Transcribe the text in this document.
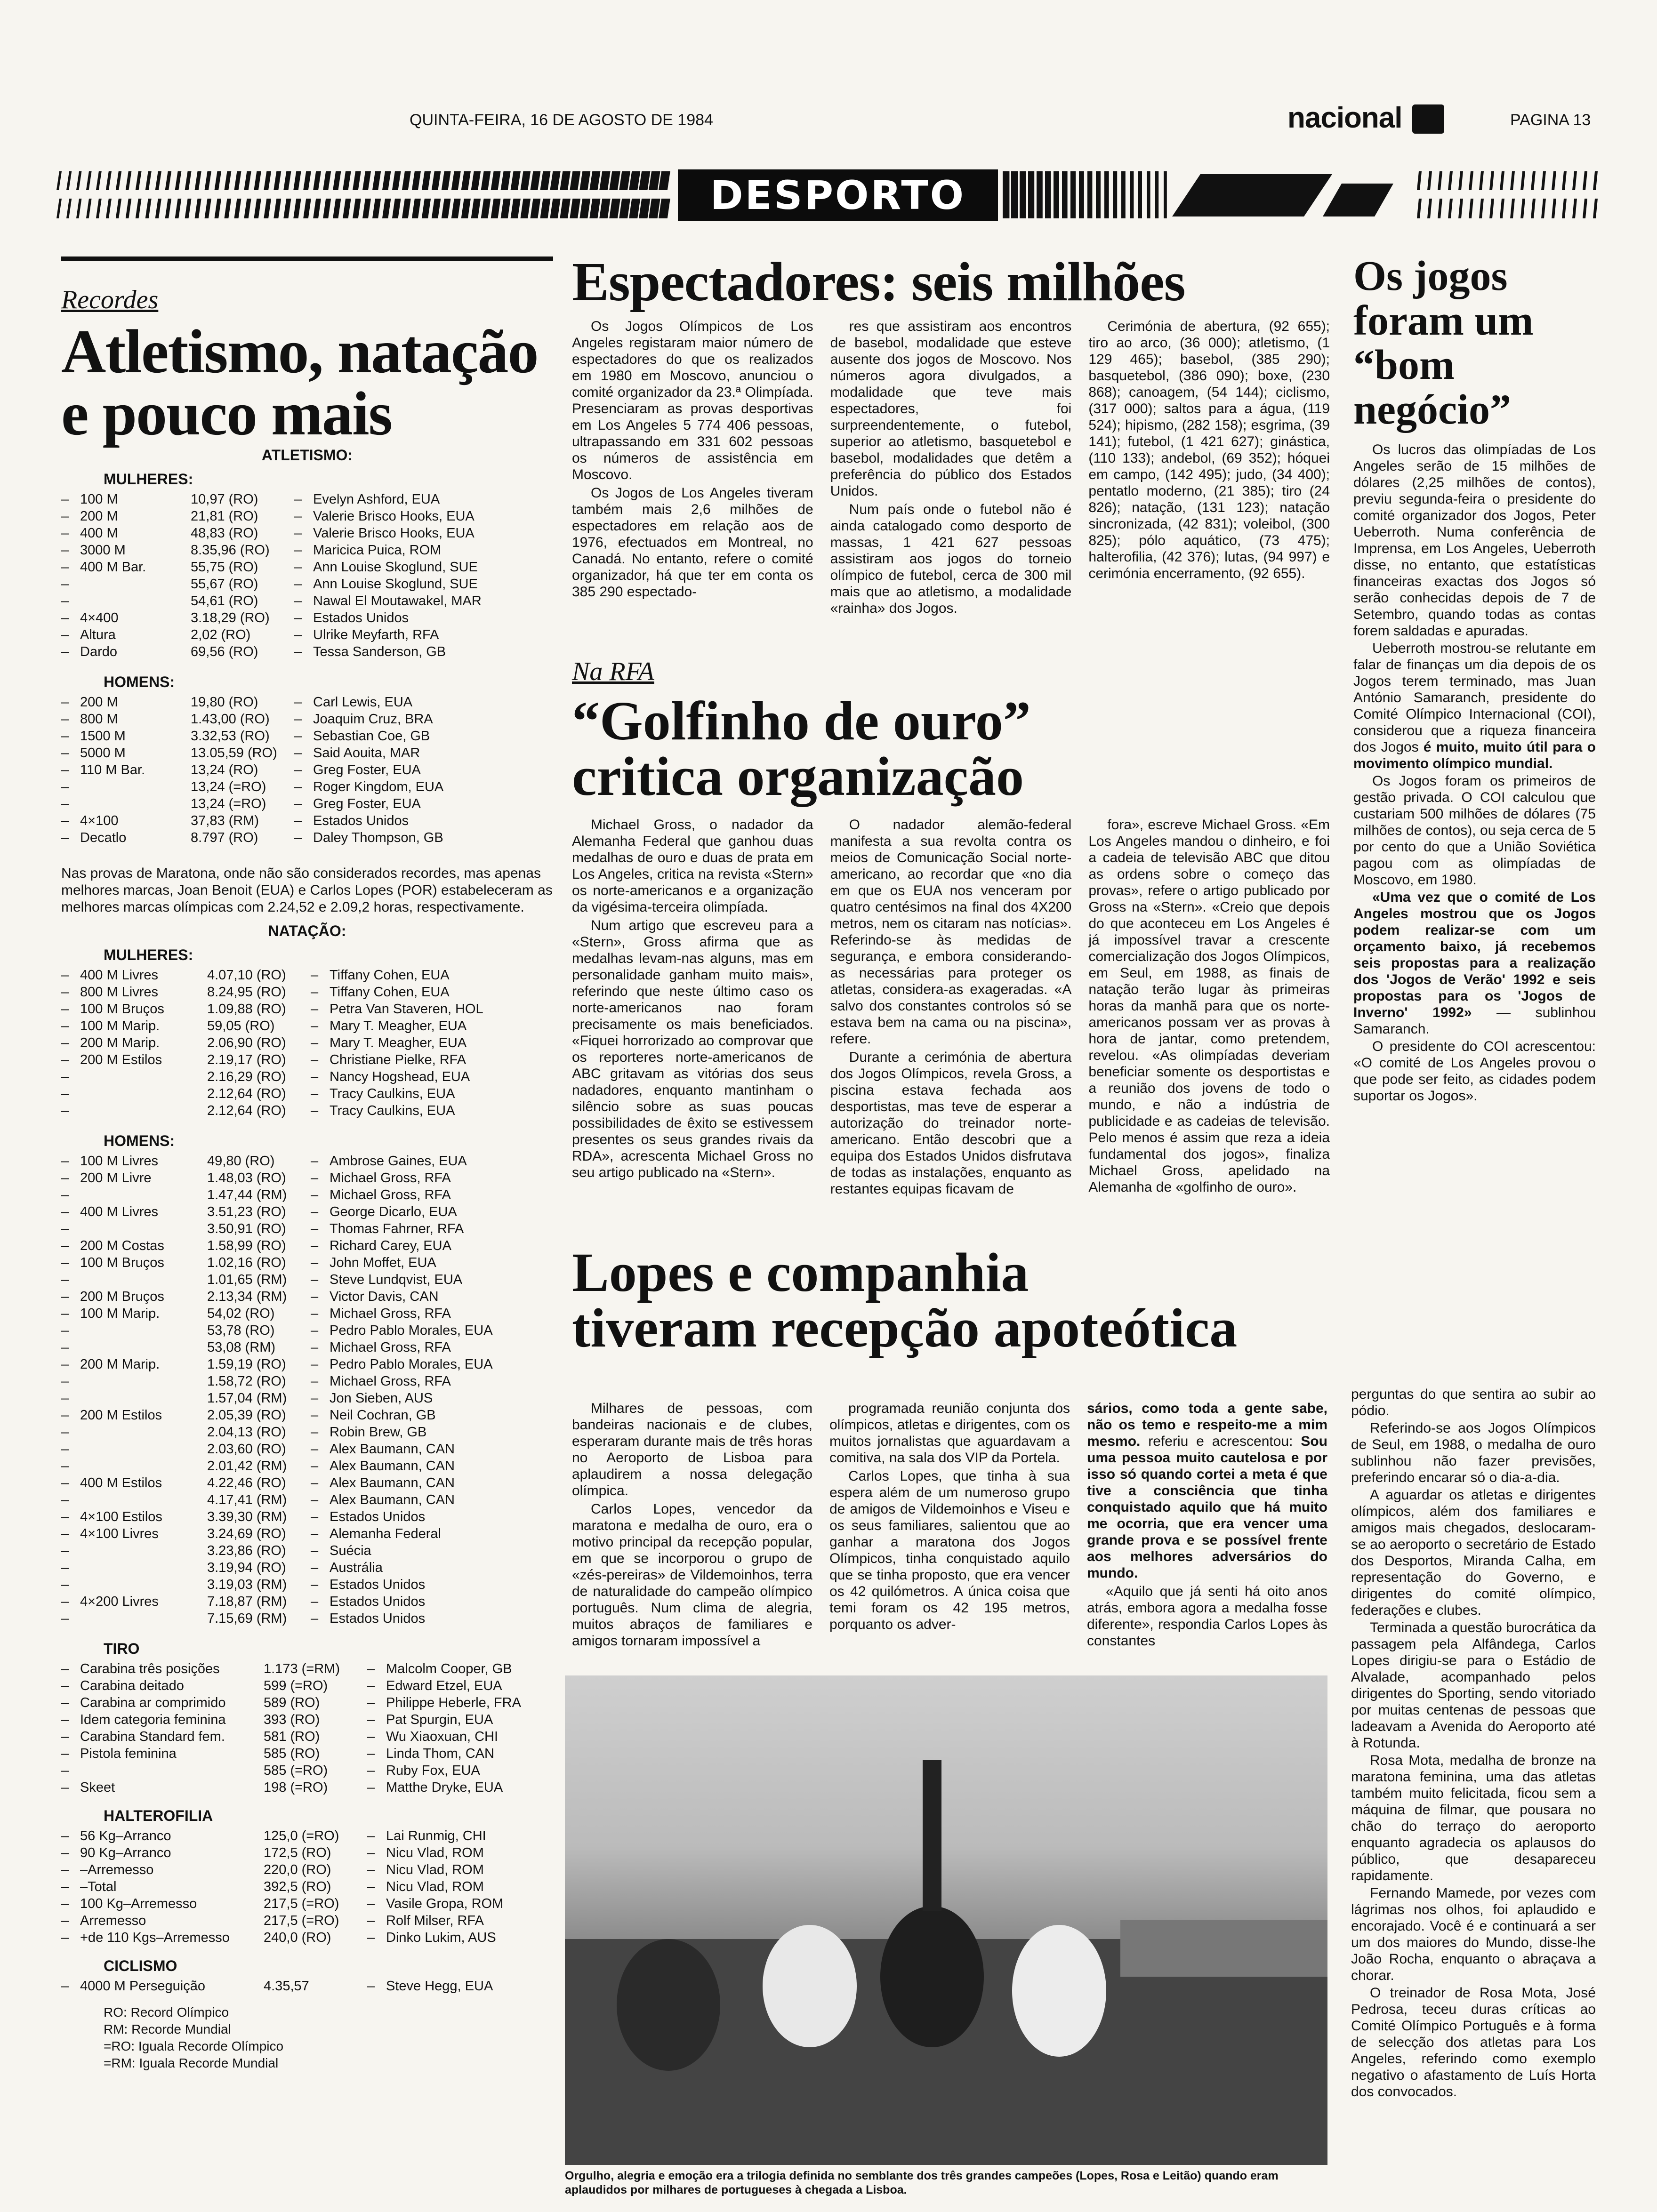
QUINTA-FEIRA, 16 DE AGOSTO DE 1984	nacional	PAGINA 13
DESPORTO
Recordes
Atletismo, natação
e pouco mais
ATLETISMO:
MULHERES:
–	100 M	10,97 (RO)	–	Evelyn Ashford, EUA
–	200 M	21,81 (RO)	–	Valerie Brisco Hooks, EUA
–	400 M	48,83 (RO)	–	Valerie Brisco Hooks, EUA
–	3000 M	8.35,96 (RO)	–	Maricica Puica, ROM
–	400 M Bar.	55,75 (RO)	–	Ann Louise Skoglund, SUE
–		55,67 (RO)	–	Ann Louise Skoglund, SUE
–		54,61 (RO)	–	Nawal El Moutawakel, MAR
–	4×400	3.18,29 (RO)	–	Estados Unidos
–	Altura	2,02 (RO)	–	Ulrike Meyfarth, RFA
–	Dardo	69,56 (RO)	–	Tessa Sanderson, GB
HOMENS:
–	200 M	19,80 (RO)	–	Carl Lewis, EUA
–	800 M	1.43,00 (RO)	–	Joaquim Cruz, BRA
–	1500 M	3.32,53 (RO)	–	Sebastian Coe, GB
–	5000 M	13.05,59 (RO)	–	Said Aouita, MAR
–	110 M Bar.	13,24 (RO)	–	Greg Foster, EUA
–		13,24 (=RO)	–	Roger Kingdom, EUA
–		13,24 (=RO)	–	Greg Foster, EUA
–	4×100	37,83 (RM)	–	Estados Unidos
–	Decatlo	8.797 (RO)	–	Daley Thompson, GB
Nas provas de Maratona, onde não são considerados recordes, mas apenas melhores marcas, Joan Benoit (EUA) e Carlos Lopes (POR) estabeleceram as melhores marcas olímpicas com 2.24,52 e 2.09,2 horas, respectivamente.
NATAÇÃO:
MULHERES:
–	400 M Livres	4.07,10 (RO)	–	Tiffany Cohen, EUA
–	800 M Livres	8.24,95 (RO)	–	Tiffany Cohen, EUA
–	100 M Bruços	1.09,88 (RO)	–	Petra Van Staveren, HOL
–	100 M Marip.	59,05 (RO)	–	Mary T. Meagher, EUA
–	200 M Marip.	2.06,90 (RO)	–	Mary T. Meagher, EUA
–	200 M Estilos	2.19,17 (RO)	–	Christiane Pielke, RFA
–		2.16,29 (RO)	–	Nancy Hogshead, EUA
–		2.12,64 (RO)	–	Tracy Caulkins, EUA
–		2.12,64 (RO)	–	Tracy Caulkins, EUA
HOMENS:
–	100 M Livres	49,80 (RO)	–	Ambrose Gaines, EUA
–	200 M Livre	1.48,03 (RO)	–	Michael Gross, RFA
–		1.47,44 (RM)	–	Michael Gross, RFA
–	400 M Livres	3.51,23 (RO)	–	George Dicarlo, EUA
–		3.50,91 (RO)	–	Thomas Fahrner, RFA
–	200 M Costas	1.58,99 (RO)	–	Richard Carey, EUA
–	100 M Bruços	1.02,16 (RO)	–	John Moffet, EUA
–		1.01,65 (RM)	–	Steve Lundqvist, EUA
–	200 M Bruços	2.13,34 (RM)	–	Victor Davis, CAN
–	100 M Marip.	54,02 (RO)	–	Michael Gross, RFA
–		53,78 (RO)	–	Pedro Pablo Morales, EUA
–		53,08 (RM)	–	Michael Gross, RFA
–	200 M Marip.	1.59,19 (RO)	–	Pedro Pablo Morales, EUA
–		1.58,72 (RO)	–	Michael Gross, RFA
–		1.57,04 (RM)	–	Jon Sieben, AUS
–	200 M Estilos	2.05,39 (RO)	–	Neil Cochran, GB
–		2.04,13 (RO)	–	Robin Brew, GB
–		2.03,60 (RO)	–	Alex Baumann, CAN
–		2.01,42 (RM)	–	Alex Baumann, CAN
–	400 M Estilos	4.22,46 (RO)	–	Alex Baumann, CAN
–		4.17,41 (RM)	–	Alex Baumann, CAN
–	4×100 Estilos	3.39,30 (RM)	–	Estados Unidos
–	4×100 Livres	3.24,69 (RO)	–	Alemanha Federal
–		3.23,86 (RO)	–	Suécia
–		3.19,94 (RO)	–	Austrália
–		3.19,03 (RM)	–	Estados Unidos
–	4×200 Livres	7.18,87 (RM)	–	Estados Unidos
–		7.15,69 (RM)	–	Estados Unidos
TIRO
–	Carabina três posições	1.173 (=RM)	–	Malcolm Cooper, GB
–	Carabina deitado	599 (=RO)	–	Edward Etzel, EUA
–	Carabina ar comprimido	589 (RO)	–	Philippe Heberle, FRA
–	Idem categoria feminina	393 (RO)	–	Pat Spurgin, EUA
–	Carabina Standard fem.	581 (RO)	–	Wu Xiaoxuan, CHI
–	Pistola feminina	585 (RO)	–	Linda Thom, CAN
–		585 (=RO)	–	Ruby Fox, EUA
–	Skeet	198 (=RO)	–	Matthe Dryke, EUA
HALTEROFILIA
–	56 Kg–Arranco	125,0 (=RO)	–	Lai Runmig, CHI
–	90 Kg–Arranco	172,5 (RO)	–	Nicu Vlad, ROM
–	–Arremesso	220,0 (RO)	–	Nicu Vlad, ROM
–	–Total	392,5 (RO)	–	Nicu Vlad, ROM
–	100 Kg–Arremesso	217,5 (=RO)	–	Vasile Gropa, ROM
–	Arremesso	217,5 (=RO)	–	Rolf Milser, RFA
–	+de 110 Kgs–Arremesso	240,0 (RO)	–	Dinko Lukim, AUS
CICLISMO
–	4000 M Perseguição	4.35,57	–	Steve Hegg, EUA
RO: Record Olímpico
RM: Recorde Mundial
=RO: Iguala Recorde Olímpico
=RM: Iguala Recorde Mundial
Espectadores: seis milhões

Os Jogos Olímpicos de Los Angeles registaram maior número de espectadores do que os realizados em 1980 em Moscovo, anunciou o comité organizador da 23.ª Olimpíada. Presenciaram as provas desportivas em Los Angeles 5 774 406 pessoas, ultrapassando em 331 602 pessoas os números de assistência em Moscovo.

Os Jogos de Los Angeles tiveram também mais 2,6 milhões de espectadores em relação aos de 1976, efectuados em Montreal, no Canadá. No entanto, refere o comité organizador, há que ter em conta os 385 290 espectado-

res que assistiram aos encontros de basebol, modalidade que esteve ausente dos jogos de Moscovo. Nos números agora divulgados, a modalidade que teve mais espectadores, foi surpreendentemente, o futebol, superior ao atletismo, basquetebol e basebol, modalidades que detêm a preferência do público dos Estados Unidos.

Num país onde o futebol não é ainda catalogado como desporto de massas, 1 421 627 pessoas assistiram aos jogos do torneio olímpico de futebol, cerca de 300 mil mais que ao atletismo, a modalidade «rainha» dos Jogos.

Cerimónia de abertura, (92 655); tiro ao arco, (36 000); atletismo, (1 129 465); basebol, (385 290); basquetebol, (386 090); boxe, (230 868); canoagem, (54 144); ciclismo, (317 000); saltos para a água, (119 524); hipismo, (282 158); esgrima, (39 141); futebol, (1 421 627); ginástica, (110 133); andebol, (69 352); hóquei em campo, (142 495); judo, (34 400); pentatlo moderno, (21 385); tiro (24 826); natação, (131 123); natação sincronizada, (42 831); voleibol, (300 825); pólo aquático, (73 475); halterofilia, (42 376); lutas, (94 997) e cerimónia encerramento, (92 655).

Na RFA
“Golfinho de ouro”
critica organização

Michael Gross, o nadador da Alemanha Federal que ganhou duas medalhas de ouro e duas de prata em Los Angeles, critica na revista «Stern» os norte-americanos e a organização da vigésima-terceira olimpíada.

Num artigo que escreveu para a «Stern», Gross afirma que as medalhas levam-nas alguns, mas em personalidade ganham muito mais», referindo que neste último caso os norte-americanos nao foram precisamente os mais beneficiados. «Fiquei horrorizado ao comprovar que os reporteres norte-americanos de ABC gritavam as vitórias dos seus nadadores, enquanto mantinham o silêncio sobre as suas poucas possibilidades de êxito se estivessem presentes os seus grandes rivais da RDA», acrescenta Michael Gross no seu artigo publicado na «Stern».

O nadador alemão-federal manifesta a sua revolta contra os meios de Comunicação Social norte-americano, ao recordar que «no dia em que os EUA nos venceram por quatro centésimos na final dos 4X200 metros, nem os citaram nas notícias». Referindo-se às medidas de segurança, e embora considerando-as necessárias para proteger os atletas, considera-as exageradas. «A salvo dos constantes controlos só se estava bem na cama ou na piscina», refere.

Durante a cerimónia de abertura dos Jogos Olímpicos, revela Gross, a piscina estava fechada aos desportistas, mas teve de esperar a autorização do treinador norte-americano. Então descobri que a equipa dos Estados Unidos disfrutava de todas as instalações, enquanto as restantes equipas ficavam de

fora», escreve Michael Gross. «Em Los Angeles mandou o dinheiro, e foi a cadeia de televisão ABC que ditou as ordens sobre o começo das provas», refere o artigo publicado por Gross na «Stern». «Creio que depois do que aconteceu em Los Angeles é já impossível travar a crescente comercialização dos Jogos Olímpicos, em Seul, em 1988, as finais de natação terão lugar às primeiras horas da manhã para que os norte-americanos possam ver as provas à hora de jantar, como pretendem, revelou. «As olimpíadas deveriam beneficiar somente os desportistas e a reunião dos jovens de todo o mundo, e não a indústria de publicidade e as cadeias de televisão. Pelo menos é assim que reza a ideia fundamental dos jogos», finaliza Michael Gross, apelidado na Alemanha de «golfinho de ouro».

Os jogos
foram um
“bom
negócio”

Os lucros das olimpíadas de Los Angeles serão de 15 milhões de dólares (2,25 milhões de contos), previu segunda-feira o presidente do comité organizador dos Jogos, Peter Ueberroth. Numa conferência de Imprensa, em Los Angeles, Ueberroth disse, no entanto, que estatísticas financeiras exactas dos Jogos só serão conhecidas depois de 7 de Setembro, quando todas as contas forem saldadas e apuradas.

Ueberroth mostrou-se relutante em falar de finanças um dia depois de os Jogos terem terminado, mas Juan António Samaranch, presidente do Comité Olímpico Internacional (COI), considerou que a riqueza financeira dos Jogos é muito, muito útil para o movimento olímpico mundial.

Os Jogos foram os primeiros de gestão privada. O COI calculou que custariam 500 milhões de dólares (75 milhões de contos), ou seja cerca de 5 por cento do que a União Soviética pagou com as olimpíadas de Moscovo, em 1980.

«Uma vez que o comité de Los Angeles mostrou que os Jogos podem realizar-se com um orçamento baixo, já recebemos seis propostas para a realização dos 'Jogos de Verão' 1992 e seis propostas para os 'Jogos de Inverno' 1992» — sublinhou Samaranch.

O presidente do COI acrescentou: «O comité de Los Angeles provou o que pode ser feito, as cidades podem suportar os Jogos».

Lopes e companhia
tiveram recepção apoteótica

Milhares de pessoas, com bandeiras nacionais e de clubes, esperaram durante mais de três horas no Aeroporto de Lisboa para aplaudirem a nossa delegação olímpica.

Carlos Lopes, vencedor da maratona e medalha de ouro, era o motivo principal da recepção popular, em que se incorporou o grupo de «zés-pereiras» de Vildemoinhos, terra de naturalidade do campeão olímpico português. Num clima de alegria, muitos abraços de familiares e amigos tornaram impossível a

programada reunião conjunta dos olímpicos, atletas e dirigentes, com os muitos jornalistas que aguardavam a comitiva, na sala dos VIP da Portela.

Carlos Lopes, que tinha à sua espera além de um numeroso grupo de amigos de Vildemoinhos e Viseu e os seus familiares, salientou que ao ganhar a maratona dos Jogos Olímpicos, tinha conquistado aquilo que se tinha proposto, que era vencer os 42 quilómetros. A única coisa que temi foram os 42 195 metros, porquanto os adver-

sários, como toda a gente sabe, não os temo e respeito-me a mim mesmo. referiu e acrescentou: Sou uma pessoa muito cautelosa e por isso só quando cortei a meta é que tive a consciência que tinha conquistado aquilo que há muito me ocorria, que era vencer uma grande prova e se possível frente aos melhores adversários do mundo.

«Aquilo que já senti há oito anos atrás, embora agora a medalha fosse diferente», respondia Carlos Lopes às constantes

perguntas do que sentira ao subir ao pódio.

Referindo-se aos Jogos Olímpicos de Seul, em 1988, o medalha de ouro sublinhou não fazer previsões, preferindo encarar só o dia-a-dia.

A aguardar os atletas e dirigentes olímpicos, além dos familiares e amigos mais chegados, deslocaram-se ao aeroporto o secretário de Estado dos Desportos, Miranda Calha, em representação do Governo, e dirigentes do comité olímpico, federações e clubes.

Terminada a questão burocrática da passagem pela Alfândega, Carlos Lopes dirigiu-se para o Estádio de Alvalade, acompanhado pelos dirigentes do Sporting, sendo vitoriado por muitas centenas de pessoas que ladeavam a Avenida do Aeroporto até à Rotunda.

Rosa Mota, medalha de bronze na maratona feminina, uma das atletas também muito felicitada, ficou sem a máquina de filmar, que pousara no chão do terraço do aeroporto enquanto agradecia os aplausos do público, que desapareceu rapidamente.

Fernando Mamede, por vezes com lágrimas nos olhos, foi aplaudido e encorajado. Você é e continuará a ser um dos maiores do Mundo, disse-lhe João Rocha, enquanto o abraçava a chorar.

O treinador de Rosa Mota, José Pedrosa, teceu duras críticas ao Comité Olímpico Português e à forma de selecção dos atletas para Los Angeles, referindo como exemplo negativo o afastamento de Luís Horta dos convocados.

Orgulho, alegria e emoção era a trilogia definida no semblante dos três grandes campeões (Lopes, Rosa e Leitão) quando eram aplaudidos por milhares de portugueses à chegada a Lisboa.
